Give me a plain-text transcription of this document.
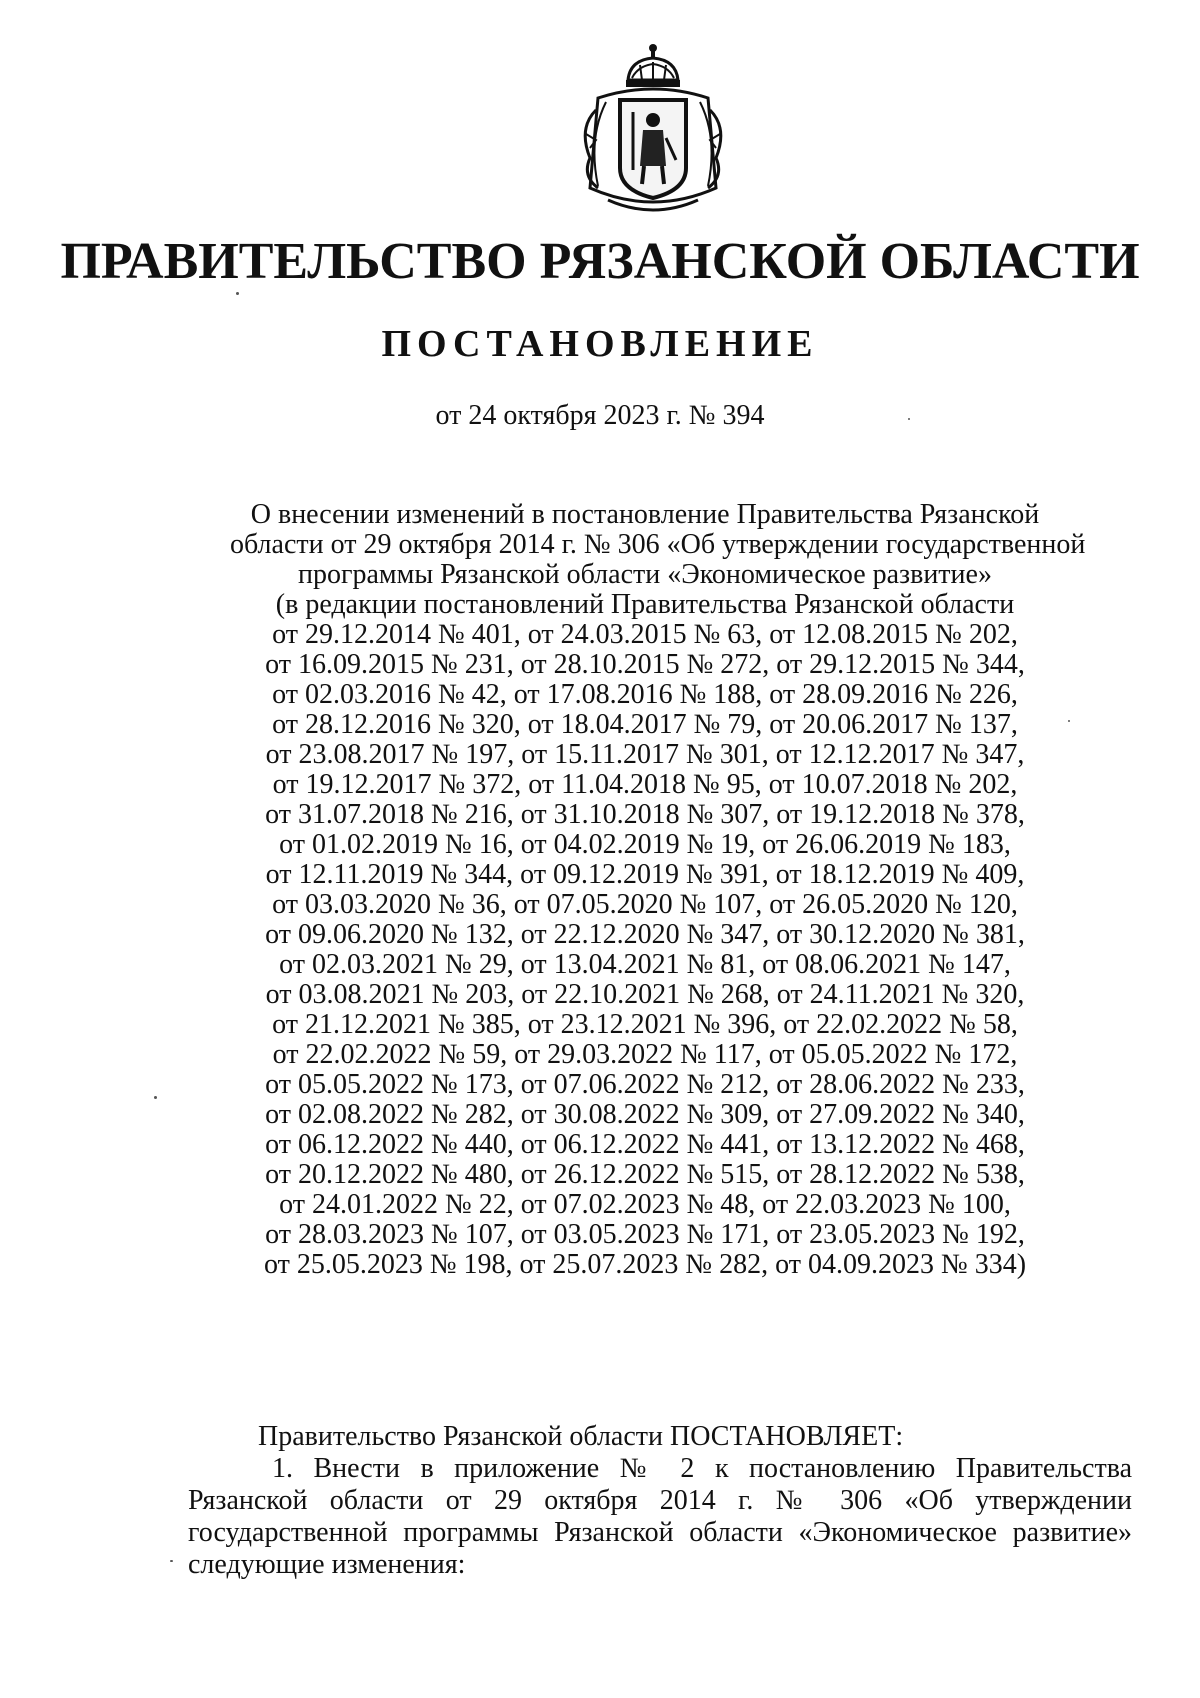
ПРАВИТЕЛЬСТВО РЯЗАНСКОЙ ОБЛАСТИ
ПОСТАНОВЛЕНИЕ
от 24 октября 2023 г. № 394
О внесении изменений в постановление Правительства Рязанской
области от 29 октября 2014 г. № 306 «Об утверждении государственной
программы Рязанской области «Экономическое развитие»
(в редакции постановлений Правительства Рязанской области
от 29.12.2014 № 401, от 24.03.2015 № 63, от 12.08.2015 № 202,
от 16.09.2015 № 231, от 28.10.2015 № 272, от 29.12.2015 № 344,
от 02.03.2016 № 42, от 17.08.2016 № 188, от 28.09.2016 № 226,
от 28.12.2016 № 320, от 18.04.2017 № 79, от 20.06.2017 № 137,
от 23.08.2017 № 197, от 15.11.2017 № 301, от 12.12.2017 № 347,
от 19.12.2017 № 372, от 11.04.2018 № 95, от 10.07.2018 № 202,
от 31.07.2018 № 216, от 31.10.2018 № 307, от 19.12.2018 № 378,
от 01.02.2019 № 16, от 04.02.2019 № 19, от 26.06.2019 № 183,
от 12.11.2019 № 344, от 09.12.2019 № 391, от 18.12.2019 № 409,
от 03.03.2020 № 36, от 07.05.2020 № 107, от 26.05.2020 № 120,
от 09.06.2020 № 132, от 22.12.2020 № 347, от 30.12.2020 № 381,
от 02.03.2021 № 29, от 13.04.2021 № 81, от 08.06.2021 № 147,
от 03.08.2021 № 203, от 22.10.2021 № 268, от 24.11.2021 № 320,
от 21.12.2021 № 385, от 23.12.2021 № 396, от 22.02.2022 № 58,
от 22.02.2022 № 59, от 29.03.2022 № 117, от 05.05.2022 № 172,
от 05.05.2022 № 173, от 07.06.2022 № 212, от 28.06.2022 № 233,
от 02.08.2022 № 282, от 30.08.2022 № 309, от 27.09.2022 № 340,
от 06.12.2022 № 440, от 06.12.2022 № 441, от 13.12.2022 № 468,
от 20.12.2022 № 480, от 26.12.2022 № 515, от 28.12.2022 № 538,
от 24.01.2022 № 22, от 07.02.2023 № 48, от 22.03.2023 № 100,
от 28.03.2023 № 107, от 03.05.2023 № 171, от 23.05.2023 № 192,
от 25.05.2023 № 198, от 25.07.2023 № 282, от 04.09.2023 № 334)

Правительство Рязанской области ПОСТАНОВЛЯЕТ:

1. Внести в приложение № 2 к постановлению Правительства Рязанской области от 29 октября 2014 г. № 306 «Об утверждении государственной программы Рязанской области «Экономическое развитие» следующие изменения:
